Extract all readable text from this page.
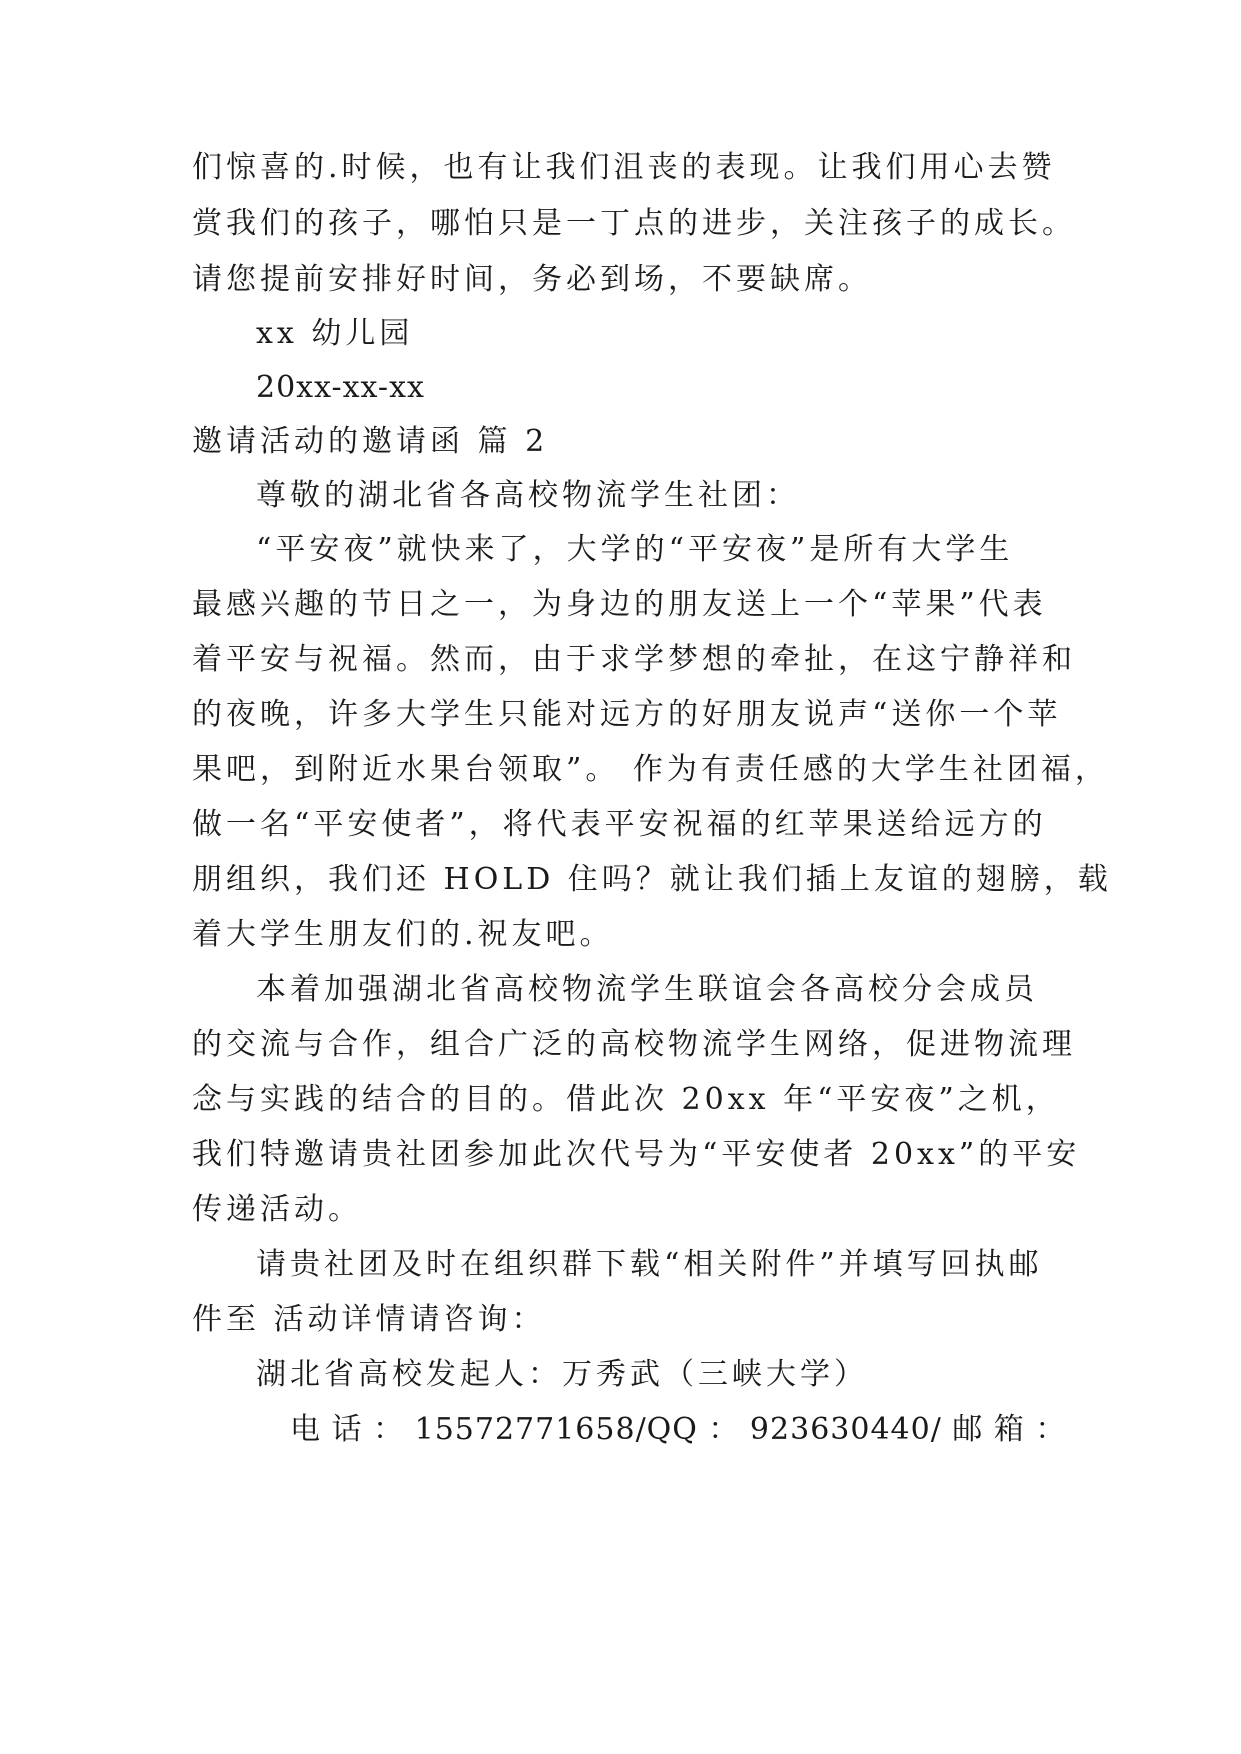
们惊喜的.时候，也有让我们沮丧的表现。让我们用心去赞
赏我们的孩子，哪怕只是一丁点的进步，关注孩子的成长。
请您提前安排好时间，务必到场，不要缺席。
xx 幼儿园
20xx-xx-xx
邀请活动的邀请函 篇 2
尊敬的湖北省各高校物流学生社团：
“平安夜”就快来了，大学的“平安夜”是所有大学生
最感兴趣的节日之一，为身边的朋友送上一个“苹果”代表
着平安与祝福。然而，由于求学梦想的牵扯，在这宁静祥和
的夜晚，许多大学生只能对远方的好朋友说声“送你一个苹
果吧，到附近水果台领取”。 作为有责任感的大学生社团福，
做一名“平安使者”，将代表平安祝福的红苹果送给远方的
朋组织，我们还 HOLD 住吗？就让我们插上友谊的翅膀，载
着大学生朋友们的.祝友吧。
本着加强湖北省高校物流学生联谊会各高校分会成员
的交流与合作，组合广泛的高校物流学生网络，促进物流理
念与实践的结合的目的。借此次 20xx 年“平安夜”之机，
我们特邀请贵社团参加此次代号为“平安使者 20xx”的平安
传递活动。
请贵社团及时在组织群下载“相关附件”并填写回执邮
件至 活动详情请咨询：
湖北省高校发起人：万秀武（三峡大学）
电 话 ： 15572771658/QQ ： 923630440/ 邮 箱 ：
